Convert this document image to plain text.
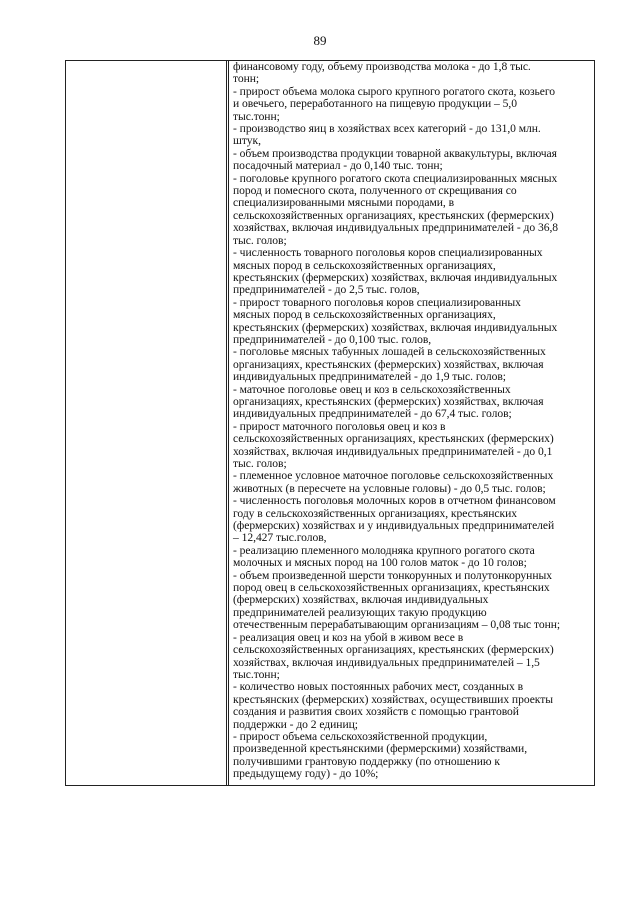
89

финансовому году, объему производства молока - до 1,8 тыс.
тонн;
- прирост объема молока сырого крупного рогатого скота, козьего
и овечьего, переработанного на пищевую продукции – 5,0
тыс.тонн;
- производство яиц в хозяйствах всех категорий - до 131,0 млн.
штук,
- объем производства продукции товарной аквакультуры, включая
посадочный материал - до 0,140 тыс. тонн;
- поголовье крупного рогатого скота специализированных мясных
пород и помесного скота, полученного от скрещивания со
специализированными мясными породами, в
сельскохозяйственных организациях, крестьянских (фермерских)
хозяйствах, включая индивидуальных предпринимателей - до 36,8
тыс. голов;
- численность товарного поголовья коров специализированных
мясных пород в сельскохозяйственных организациях,
крестьянских (фермерских) хозяйствах, включая индивидуальных
предпринимателей - до 2,5 тыс. голов,
- прирост товарного поголовья коров специализированных
мясных пород в сельскохозяйственных организациях,
крестьянских (фермерских) хозяйствах, включая индивидуальных
предпринимателей - до 0,100 тыс. голов,
- поголовье мясных табунных лошадей в сельскохозяйственных
организациях, крестьянских (фермерских) хозяйствах, включая
индивидуальных предпринимателей - до 1,9 тыс. голов;
- маточное поголовье овец и коз в сельскохозяйственных
организациях, крестьянских (фермерских) хозяйствах, включая
индивидуальных предпринимателей - до 67,4 тыс. голов;
- прирост маточного поголовья овец и коз в
сельскохозяйственных организациях, крестьянских (фермерских)
хозяйствах, включая индивидуальных предпринимателей - до 0,1
тыс. голов;
- племенное условное маточное поголовье сельскохозяйственных
животных (в пересчете на условные головы) - до 0,5 тыс. голов;
- численность поголовья молочных коров в отчетном финансовом
году в сельскохозяйственных организациях, крестьянских
(фермерских) хозяйствах и у индивидуальных предпринимателей
– 12,427 тыс.голов,
- реализацию племенного молодняка крупного рогатого скота
молочных и мясных пород на 100 голов маток - до 10 голов;
- объем произведенной шерсти тонкорунных и полутонкорунных
пород овец в сельскохозяйственных организациях, крестьянских
(фермерских) хозяйствах, включая индивидуальных
предпринимателей реализующих такую продукцию
отечественным перерабатывающим организациям – 0,08 тыс тонн;
- реализация овец и коз на убой в живом весе в
сельскохозяйственных организациях, крестьянских (фермерских)
хозяйствах, включая индивидуальных предпринимателей – 1,5
тыс.тонн;
- количество новых постоянных рабочих мест, созданных в
крестьянских (фермерских) хозяйствах, осуществивших проекты
создания и развития своих хозяйств с помощью грантовой
поддержки - до 2 единиц;
- прирост объема сельскохозяйственной продукции,
произведенной крестьянскими (фермерскими) хозяйствами,
получившими грантовую поддержку (по отношению к
предыдущему году) - до 10%;
